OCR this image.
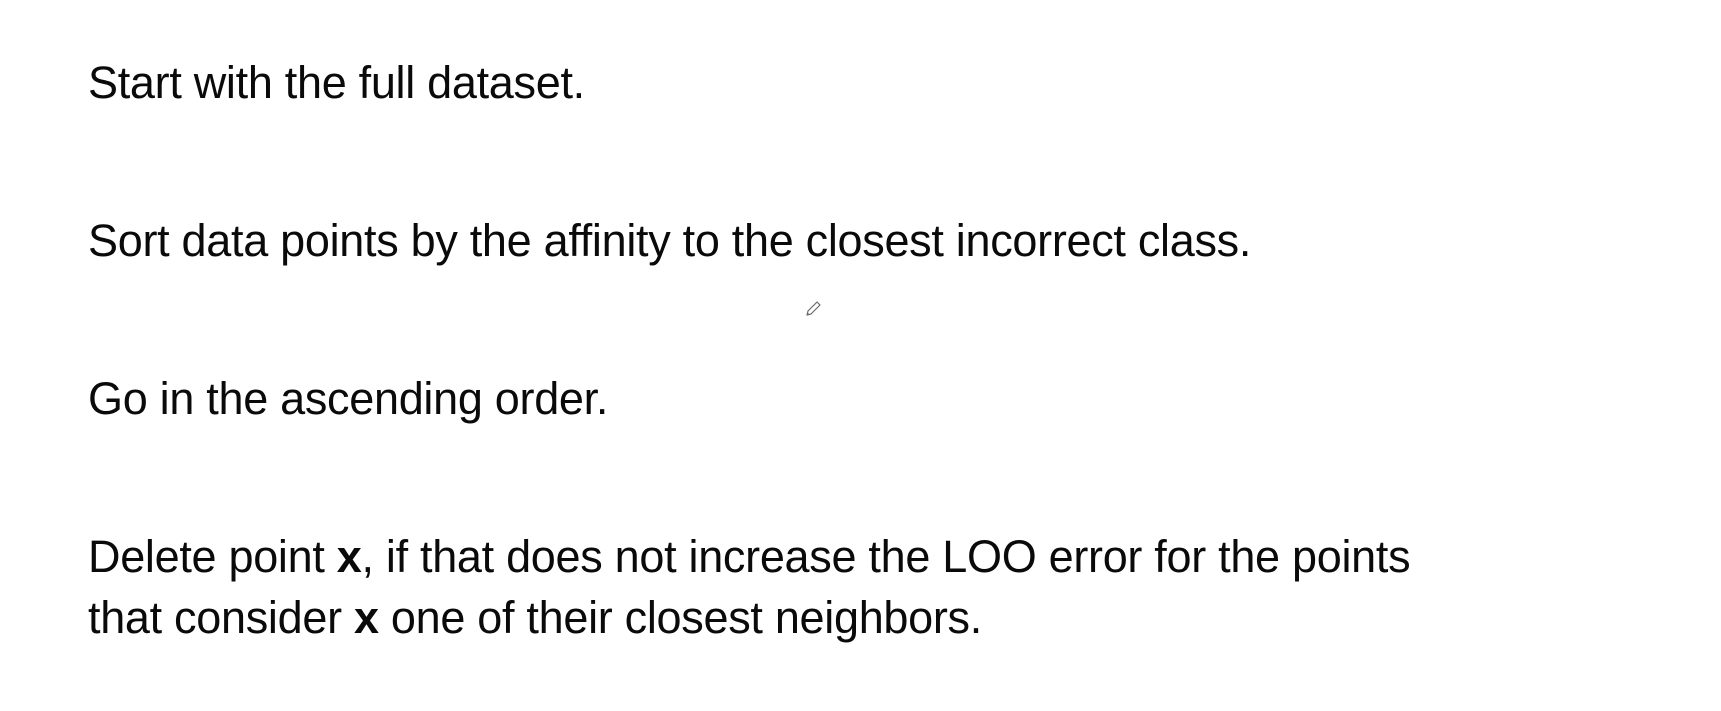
Start with the full dataset.

Sort data points by the affinity to the closest incorrect class.

Go in the ascending order.

Delete point x, if that does not increase the LOO error for the points
that consider x one of their closest neighbors.
